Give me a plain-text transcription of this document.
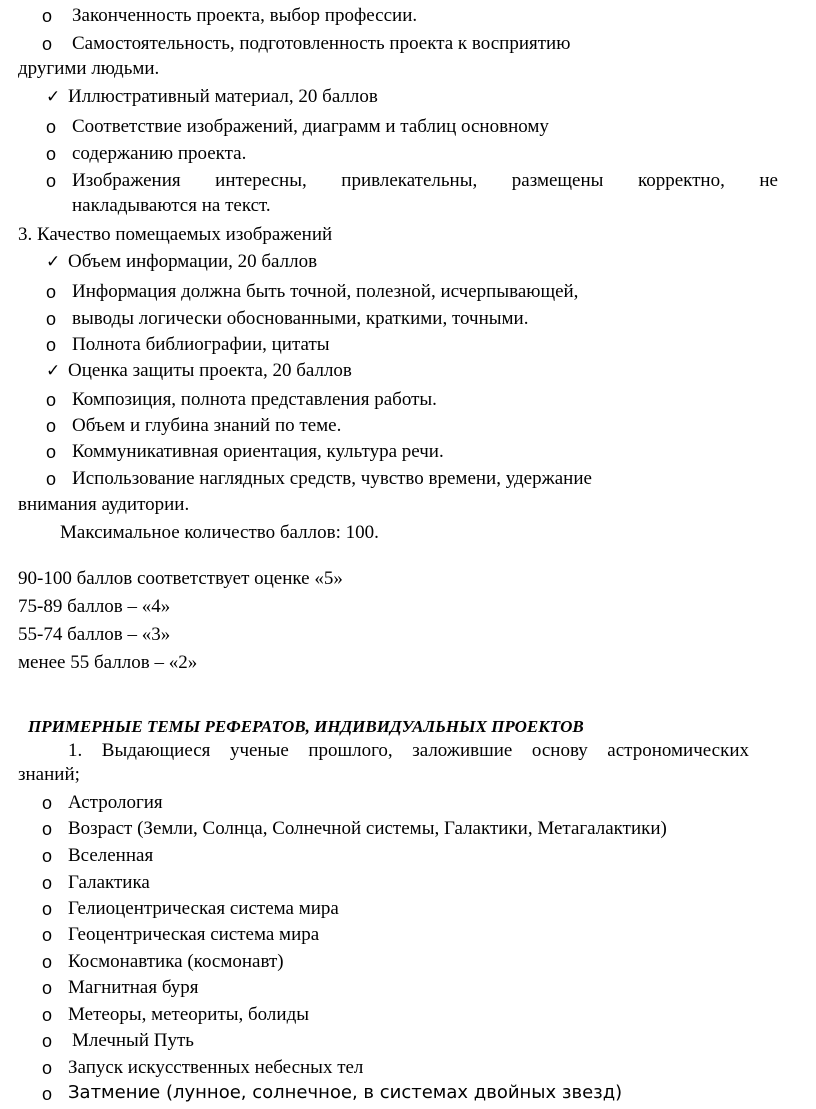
o Законченность проекта, выбор профессии.
o Самостоятельность, подготовленность проекта к восприятию
другими людьми.
✓ Иллюстративный материал, 20 баллов
o Соответствие изображений, диаграмм и таблиц основному
o содержанию проекта.
o Изображения интересны, привлекательны, размещены корректно, не
накладываются на текст.
3. Качество помещаемых изображений
✓ Объем информации, 20 баллов
o Информация должна быть точной, полезной, исчерпывающей,
o выводы логически обоснованными, краткими, точными.
o Полнота библиографии, цитаты
✓ Оценка защиты проекта, 20 баллов
o Композиция, полнота представления работы.
o Объем и глубина знаний по теме.
o Коммуникативная ориентация, культура речи.
o Использование наглядных средств, чувство времени, удержание
внимания аудитории.
Максимальное количество баллов: 100.
90-100 баллов соответствует оценке «5»
75-89 баллов – «4»
55-74 баллов – «3»
менее 55 баллов – «2»
ПРИМЕРНЫЕ ТЕМЫ РЕФЕРАТОВ, ИНДИВИДУАЛЬНЫХ ПРОЕКТОВ
1. Выдающиеся ученые прошлого, заложившие основу астрономических
знаний;
o Астрология
o Возраст (Земли, Солнца, Солнечной системы, Галактики, Метагалактики)
o Вселенная
o Галактика
o Гелиоцентрическая система мира
o Геоцентрическая система мира
o Космонавтика (космонавт)
o Магнитная буря
o Метеоры, метеориты, болиды
o Млечный Путь
o Запуск искусственных небесных тел
o Затмение (лунное, солнечное, в системах двойных звезд)
